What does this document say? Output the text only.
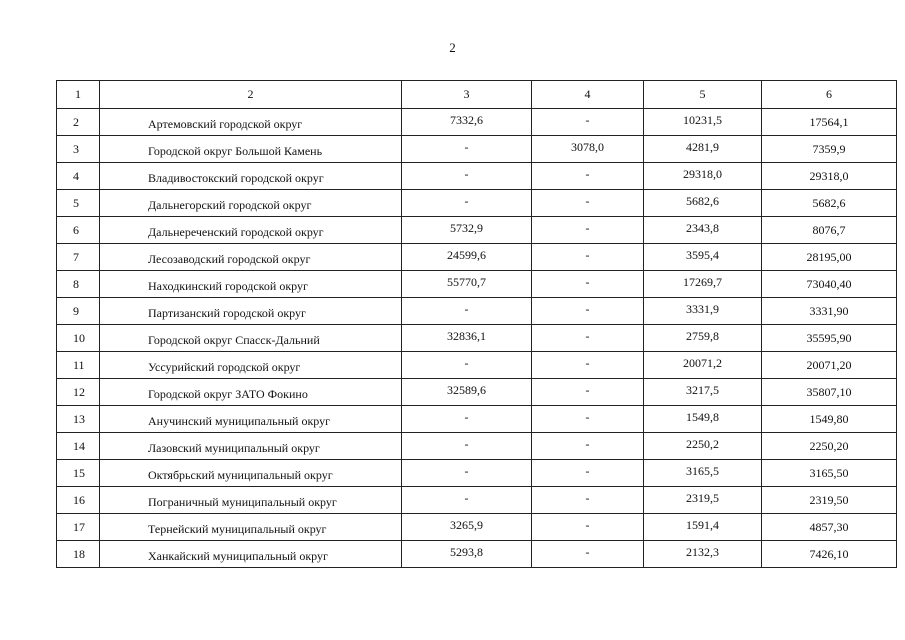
2
1	2	3	4	5	6
2	Артемовский городской округ	7332,6	-	10231,5	17564,1
3	Городской округ Большой Камень	-	3078,0	4281,9	7359,9
4	Владивостокский городской округ	-	-	29318,0	29318,0
5	Дальнегорский городской округ	-	-	5682,6	5682,6
6	Дальнереченский городской округ	5732,9	-	2343,8	8076,7
7	Лесозаводский городской округ	24599,6	-	3595,4	28195,00
8	Находкинский городской округ	55770,7	-	17269,7	73040,40
9	Партизанский городской округ	-	-	3331,9	3331,90
10	Городской округ Спасск-Дальний	32836,1	-	2759,8	35595,90
11	Уссурийский городской округ	-	-	20071,2	20071,20
12	Городской округ ЗАТО Фокино	32589,6	-	3217,5	35807,10
13	Анучинский муниципальный округ	-	-	1549,8	1549,80
14	Лазовский муниципальный округ	-	-	2250,2	2250,20
15	Октябрьский муниципальный округ	-	-	3165,5	3165,50
16	Пограничный муниципальный округ	-	-	2319,5	2319,50
17	Тернейский муниципальный округ	3265,9	-	1591,4	4857,30
18	Ханкайский муниципальный округ	5293,8	-	2132,3	7426,10
